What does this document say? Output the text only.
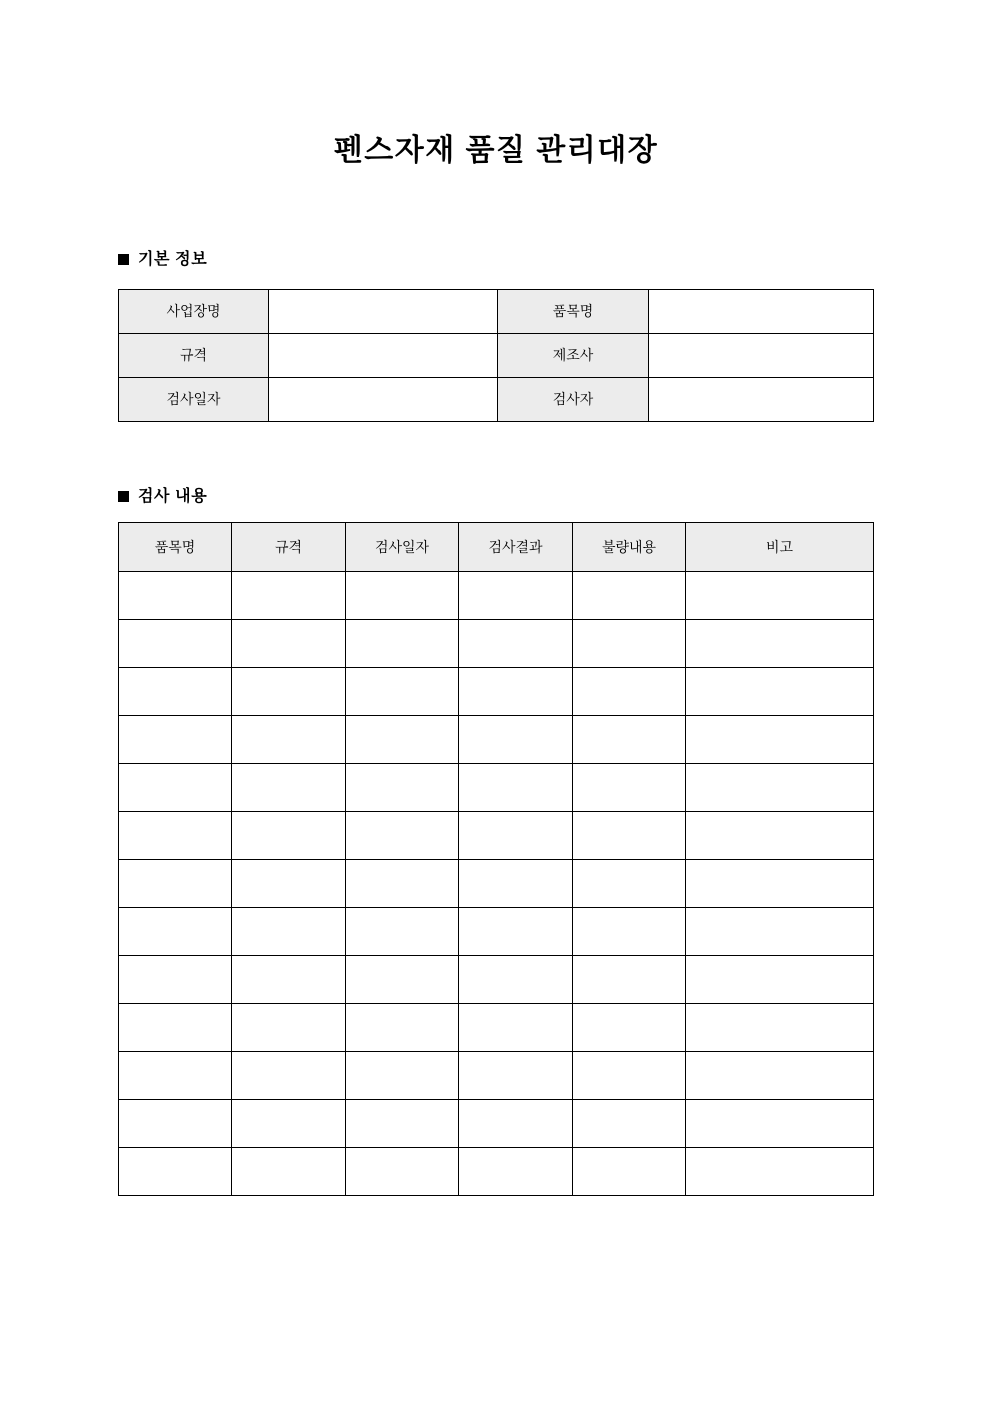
펜스자재 품질 관리대장
기본 정보
사업장명		품목명	
규격		제조사	
검사일자		검사자	
검사 내용
품목명	규격	검사일자	검사결과	불량내용	비고
